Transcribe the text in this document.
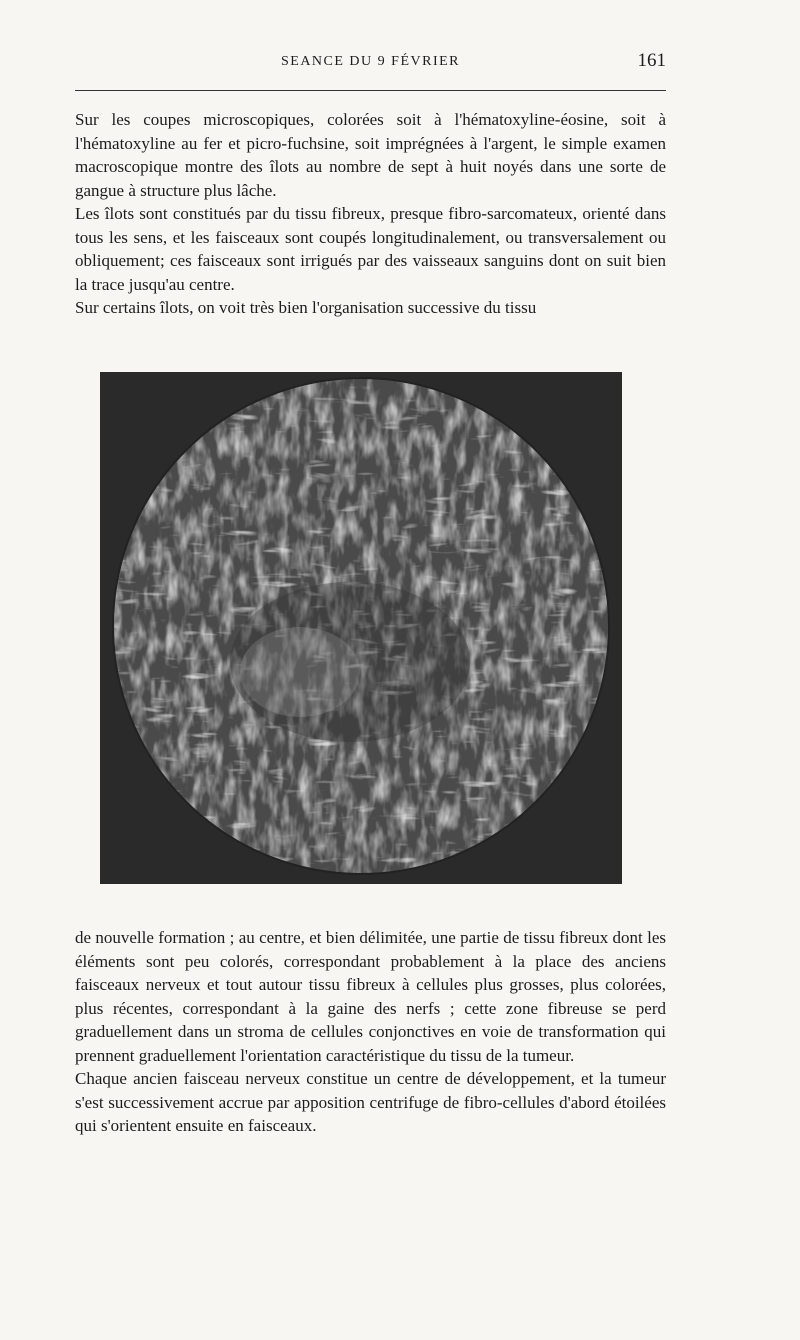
SEANCE DU 9 FÉVRIER	161

Sur les coupes microscopiques, colorées soit à l'hématoxyline-éosine, soit à l'hématoxyline au fer et picro-fuchsine, soit imprégnées à l'argent, le simple examen macroscopique montre des îlots au nombre de sept à huit noyés dans une sorte de gangue à structure plus lâche.

Les îlots sont constitués par du tissu fibreux, presque fibro-sarcomateux, orienté dans tous les sens, et les faisceaux sont coupés longitudinalement, ou transversalement ou obliquement; ces faisceaux sont irrigués par des vaisseaux sanguins dont on suit bien la trace jusqu'au centre.

Sur certains îlots, on voit très bien l'organisation successive du tissu

de nouvelle formation ; au centre, et bien délimitée, une partie de tissu fibreux dont les éléments sont peu colorés, correspondant probablement à la place des anciens faisceaux nerveux et tout autour tissu fibreux à cellules plus grosses, plus colorées, plus récentes, correspondant à la gaine des nerfs ; cette zone fibreuse se perd graduellement dans un stroma de cellules conjonctives en voie de transformation qui prennent graduellement l'orientation caractéristique du tissu de la tumeur.

Chaque ancien faisceau nerveux constitue un centre de développement, et la tumeur s'est successivement accrue par apposition centrifuge de fibro-cellules d'abord étoilées qui s'orientent ensuite en faisceaux.
